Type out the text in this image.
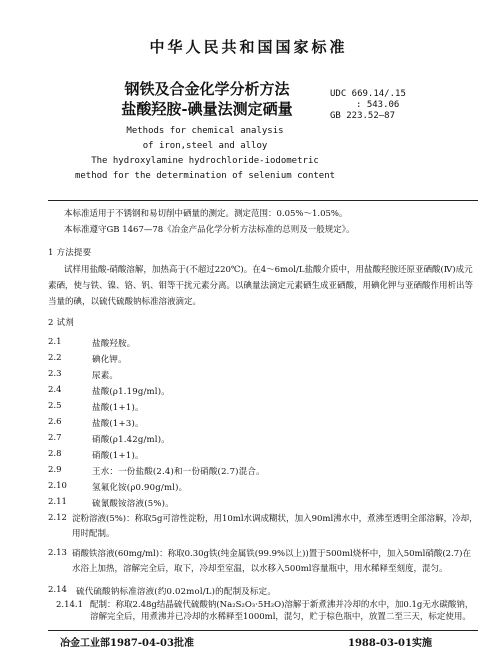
中华人民共和国国家标准
钢铁及合金化学分析方法
盐酸羟胺-碘量法测定硒量
UDC 669.14/.15
: 543.06
GB 223.52—87
Methods for chemical analysis
of iron,steel and alloy
The hydroxylamine hydrochloride-iodometric
method for the determination of selenium content
本标准适用于不锈钢和易切削中硒量的测定。测定范围：0.05%～1.05%。
本标准遵守GB 1467—78《冶金产品化学分析方法标准的总则及一般规定》。
1 方法提要
试样用盐酸-硝酸溶解，加热高于(不超过220℃)。在4～6mol/L盐酸介质中，用盐酸羟胺还原亚硒酸(Ⅳ)成元素硒，使与铁、镍、铬、钒、钼等干扰元素分离。以碘量法滴定元素硒生成亚硒酸，用碘化钾与亚硒酸作用析出等当量的碘，以硫代硫酸钠标准溶液滴定。
2 试剂
2.1	盐酸羟胺。
2.2	碘化钾。
2.3	尿素。
2.4	盐酸(ρ1.19g/ml)。
2.5	盐酸(1+1)。
2.6	盐酸(1+3)。
2.7	硝酸(ρ1.42g/ml)。
2.8	硝酸(1+1)。
2.9	王水：一份盐酸(2.4)和一份硝酸(2.7)混合。
2.10	氢氟化铵(ρ0.90g/ml)。
2.11	硫氰酸铵溶液(5%)。
2.12 淀粉溶液(5%)：称取5g可溶性淀粉，用10ml水调成糊状，加入90ml沸水中，煮沸至透明全部溶解，冷却，用时配制。
2.13 硝酸铁溶液(60mg/ml)：称取0.30g铁(纯金属铁(99.9%以上))置于500ml烧杯中，加入50ml硝酸(2.7)在水浴上加热，溶解完全后，取下，冷却至室温，以水移入500ml容量瓶中，用水稀释至刻度，混匀。
2.14 硫代硫酸钠标准溶液(约0.02mol/L)的配制及标定。
2.14.1 配制：称取2.48g结晶硫代硫酸钠(Na₂S₂O₃·5H₂O)溶解于新煮沸并冷却的水中，加0.1g无水碳酸钠，溶解完全后，用煮沸并已冷却的水稀释至1000ml，混匀，贮于棕色瓶中，放置二至三天，标定使用。
冶金工业部1987-04-03批准	1988-03-01实施
